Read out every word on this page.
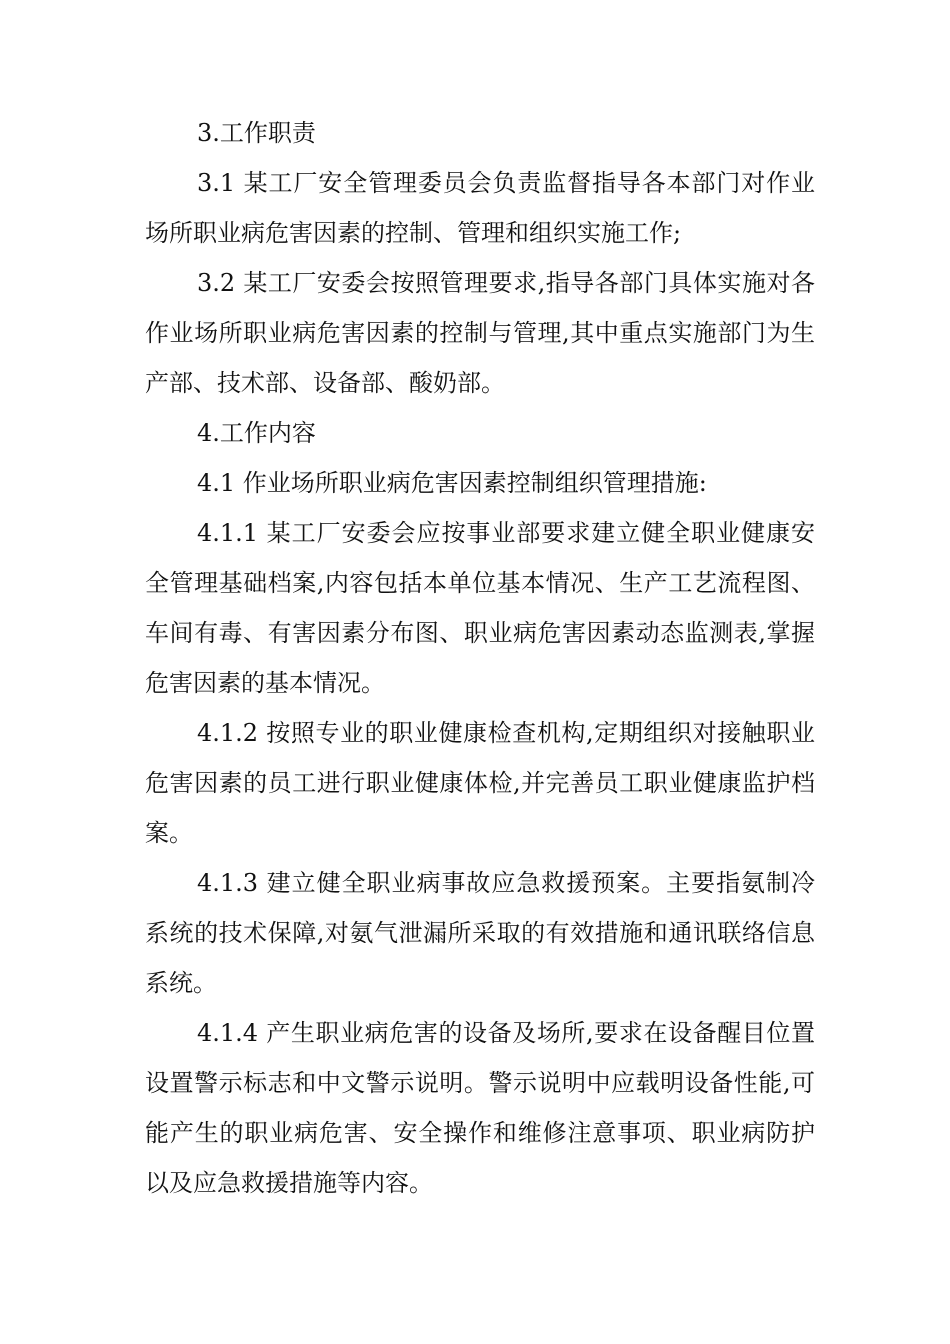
3.工作职责

3.1 某工厂安全管理委员会负责监督指导各本部门对作业场所职业病危害因素的控制、管理和组织实施工作;

3.2 某工厂安委会按照管理要求,指导各部门具体实施对各作业场所职业病危害因素的控制与管理,其中重点实施部门为生产部、技术部、设备部、酸奶部。

4.工作内容

4.1 作业场所职业病危害因素控制组织管理措施:

4.1.1 某工厂安委会应按事业部要求建立健全职业健康安全管理基础档案,内容包括本单位基本情况、生产工艺流程图、车间有毒、有害因素分布图、职业病危害因素动态监测表,掌握危害因素的基本情况。

4.1.2 按照专业的职业健康检查机构,定期组织对接触职业危害因素的员工进行职业健康体检,并完善员工职业健康监护档案。

4.1.3 建立健全职业病事故应急救援预案。主要指氨制冷系统的技术保障,对氨气泄漏所采取的有效措施和通讯联络信息系统。

4.1.4 产生职业病危害的设备及场所,要求在设备醒目位置设置警示标志和中文警示说明。警示说明中应载明设备性能,可能产生的职业病危害、安全操作和维修注意事项、职业病防护以及应急救援措施等内容。
